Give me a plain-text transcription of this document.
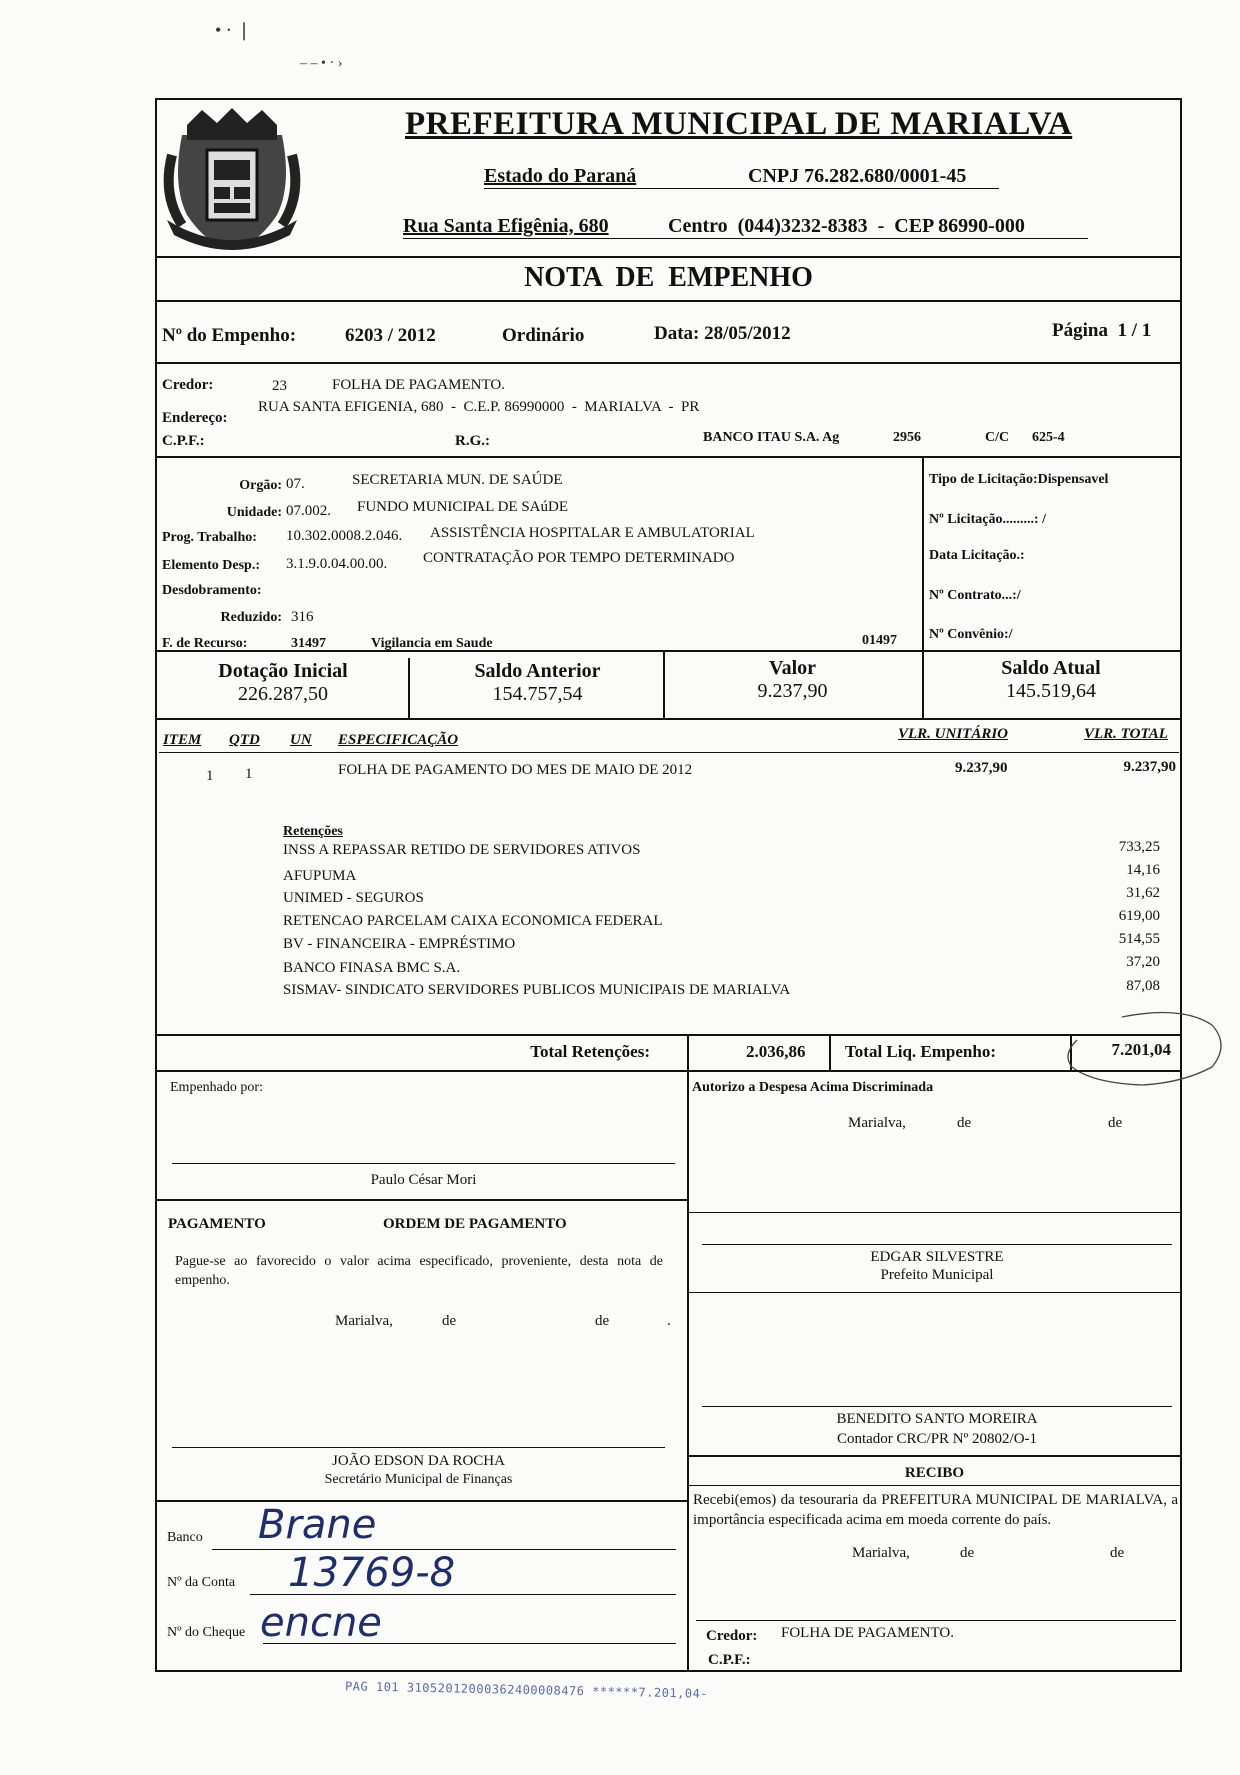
• ⋅ ❘
– – • ⋅ ›
PREFEITURA MUNICIPAL DE MARIALVA
Estado do Paraná	CNPJ 76.282.680/0001-45
Rua Santa Efigênia, 680	Centro  (044)3232-8383  -  CEP 86990-000
NOTA  DE  EMPENHO
Nº do Empenho:	6203 / 2012	Ordinário	Data: 28/05/2012	Página  1 / 1
Credor:	23	FOLHA DE PAGAMENTO.
Endereço:
RUA SANTA EFIGENIA, 680  -  C.E.P. 86990000  -  MARIALVA  -  PR
C.P.F.:	R.G.:	BANCO ITAU S.A. Ag	2956	C/C 625-4
Orgão: 07.	SECRETARIA MUN. DE SAÚDE
Unidade: 07.002. FUNDO MUNICIPAL DE SAúDE
Prog. Trabalho: 10.302.0008.2.046. ASSISTÊNCIA HOSPITALAR E AMBULATORIAL
Elemento Desp.: 3.1.9.0.04.00.00. CONTRATAÇÃO POR TEMPO DETERMINADO
Desdobramento:
Reduzido: 316
F. de Recurso:	31497	Vigilancia em Saude	01497
Tipo de Licitação:Dispensavel
Nº Licitação.........: /
Data Licitação.:
Nº Contrato...:/
Nº Convênio:/
Dotação Inicial
226.287,50
Saldo Anterior
154.757,54
Valor
9.237,90
Saldo Atual
145.519,64
ITEM QTD UN ESPECIFICAÇÃO	VLR. UNITÁRIO	VLR. TOTAL
1 1	FOLHA DE PAGAMENTO DO MES DE MAIO DE 2012	9.237,90	9.237,90
Retenções
INSS A REPASSAR RETIDO DE SERVIDORES ATIVOS	733,25
AFUPUMA	14,16
UNIMED - SEGUROS	31,62
RETENCAO PARCELAM CAIXA ECONOMICA FEDERAL	619,00
BV - FINANCEIRA - EMPRÉSTIMO	514,55
BANCO FINASA BMC S.A.	37,20
SISMAV- SINDICATO SERVIDORES PUBLICOS MUNICIPAIS DE MARIALVA	87,08
Total Retenções:	2.036,86 Total Liq. Empenho:	7.201,04
Empenhado por:
Paulo César Mori
PAGAMENTO	ORDEM DE PAGAMENTO
Pague-se ao favorecido o valor acima especificado, proveniente, desta nota de empenho.
Marialva,	de	de	.
JOÃO EDSON DA ROCHA
Secretário Municipal de Finanças
Banco Brane
Nº da Conta 13769-8
Nº do Cheque encne
Autorizo a Despesa Acima Discriminada
Marialva,	de	de
EDGAR SILVESTRE
Prefeito Municipal
BENEDITO SANTO MOREIRA
Contador CRC/PR Nº 20802/O-1
RECIBO
Recebi(emos) da tesouraria da PREFEITURA MUNICIPAL DE MARIALVA, a importância especificada acima em moeda corrente do país.
Marialva,	de	de
Credor: FOLHA DE PAGAMENTO.
C.P.F.:
PAG 101 31052012000362400008476 ******7.201,04-
